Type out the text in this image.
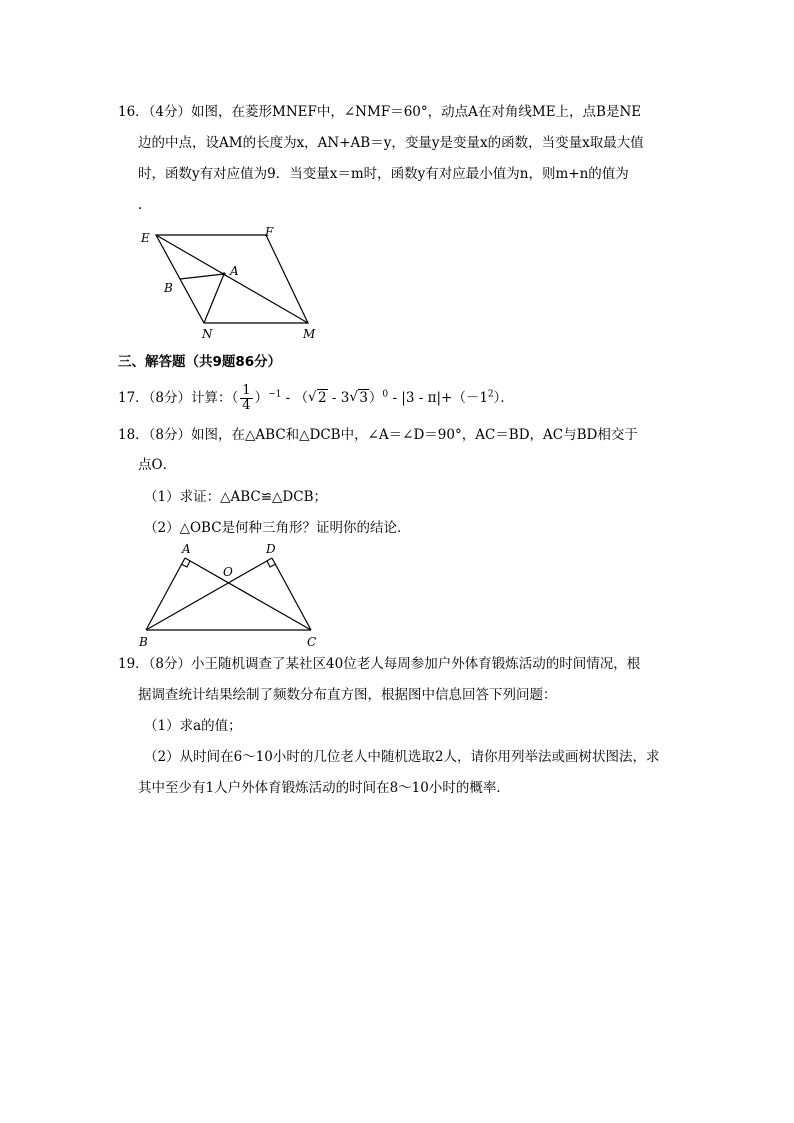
16．（4分）如图，在菱形MNEF中，∠NMF＝60°，动点A在对角线ME上，点B是NE
边的中点，设AM的长度为x，AN+AB＝y，变量y是变量x的函数，当变量x取最大值
时，函数y有对应值为9．当变量x＝m时，函数y有对应最小值为n，则m+n的值为
.
E	F
A
B
N	M
三、解答题（共9题86分）
17．（8分）计算：（ $\frac{1}{4} )^{-1}$ - （ √ 2 - 3 √ $3)^0 - |3 - \pi|+(-1^2)$．
18．（8分）如图，在△ABC和△DCB中，∠A＝∠D＝90°，AC＝BD，AC与BD相交于
点O．
（1）求证：△ABC≌△DCB；
（2）△OBC是何种三角形？证明你的结论．
A	D
O
B	C
19．（8分）小王随机调查了某社区40位老人每周参加户外体育锻炼活动的时间情况，根
据调查统计结果绘制了频数分布直方图，根据图中信息回答下列问题：
（1）求a的值；
（2）从时间在6～10小时的几位老人中随机选取2人，请你用列举法或画树状图法，求
其中至少有1人户外体育锻炼活动的时间在8～10小时的概率．
